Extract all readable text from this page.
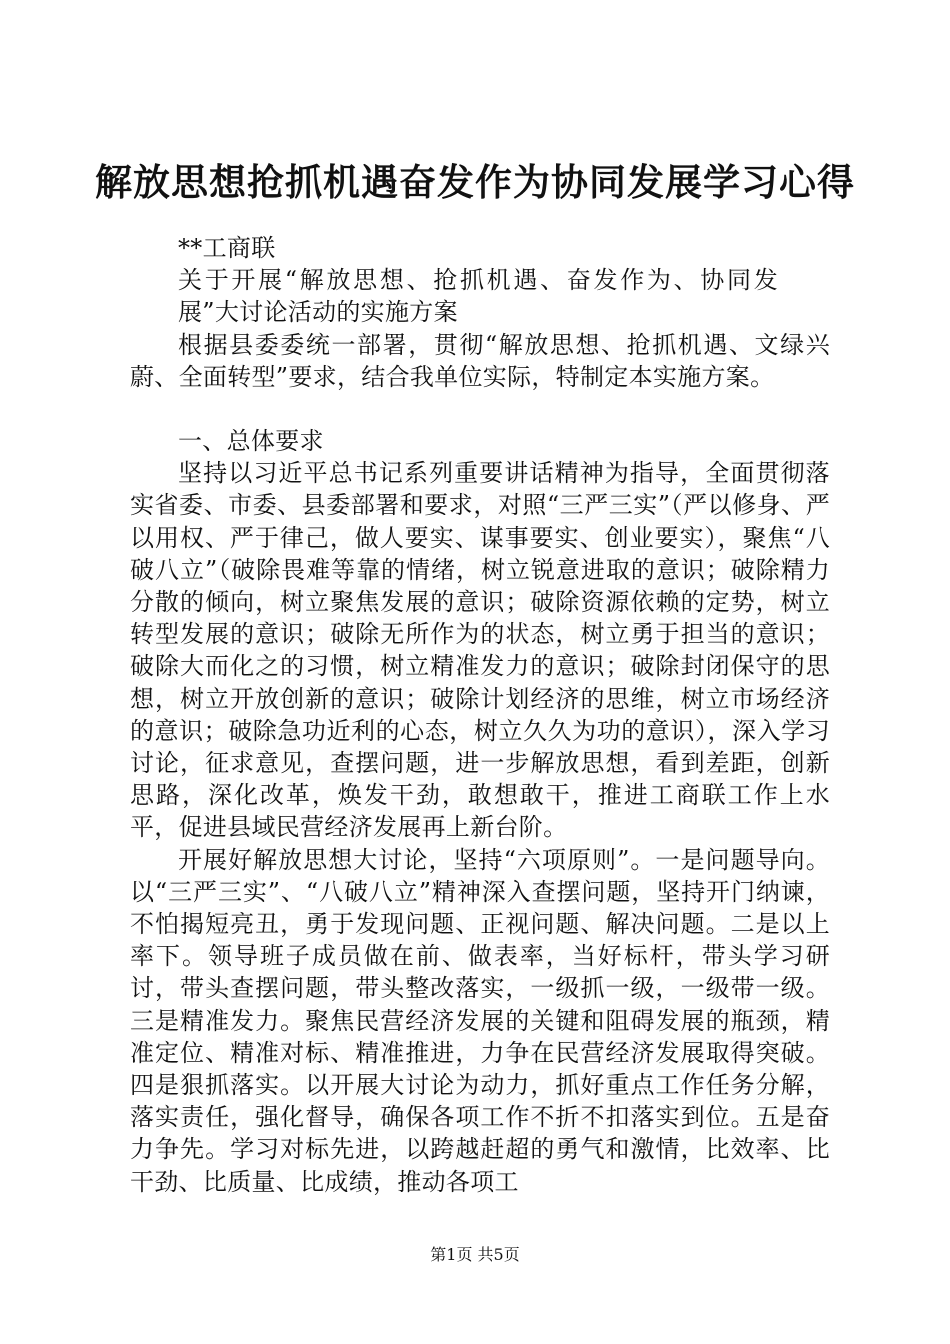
解放思想抢抓机遇奋发作为协同发展学习心得

**工商联

关于开展“解放思想、抢抓机遇、奋发作为、协同发展”大讨论活动的实施方案

根据县委委统一部署，贯彻“解放思想、抢抓机遇、文绿兴蔚、全面转型”要求，结合我单位实际，特制定本实施方案。

一、总体要求

坚持以习近平总书记系列重要讲话精神为指导，全面贯彻落实省委、市委、县委部署和要求，对照“三严三实”（严以修身、严以用权、严于律己，做人要实、谋事要实、创业要实），聚焦“八破八立”（破除畏难等靠的情绪，树立锐意进取的意识；破除精力分散的倾向，树立聚焦发展的意识；破除资源依赖的定势，树立转型发展的意识；破除无所作为的状态，树立勇于担当的意识；破除大而化之的习惯，树立精准发力的意识；破除封闭保守的思想，树立开放创新的意识；破除计划经济的思维，树立市场经济的意识；破除急功近利的心态，树立久久为功的意识），深入学习讨论，征求意见，查摆问题，进一步解放思想，看到差距，创新思路，深化改革，焕发干劲，敢想敢干，推进工商联工作上水平，促进县域民营经济发展再上新台阶。

开展好解放思想大讨论，坚持“六项原则”。一是问题导向。以“三严三实”、“八破八立”精神深入查摆问题，坚持开门纳谏，不怕揭短亮丑，勇于发现问题、正视问题、解决问题。二是以上率下。领导班子成员做在前、做表率，当好标杆，带头学习研讨，带头查摆问题，带头整改落实，一级抓一级，一级带一级。三是精准发力。聚焦民营经济发展的关键和阻碍发展的瓶颈，精准定位、精准对标、精准推进，力争在民营经济发展取得突破。四是狠抓落实。以开展大讨论为动力，抓好重点工作任务分解，落实责任，强化督导，确保各项工作不折不扣落实到位。五是奋力争先。学习对标先进，以跨越赶超的勇气和激情，比效率、比干劲、比质量、比成绩，推动各项工

第1页 共5页
